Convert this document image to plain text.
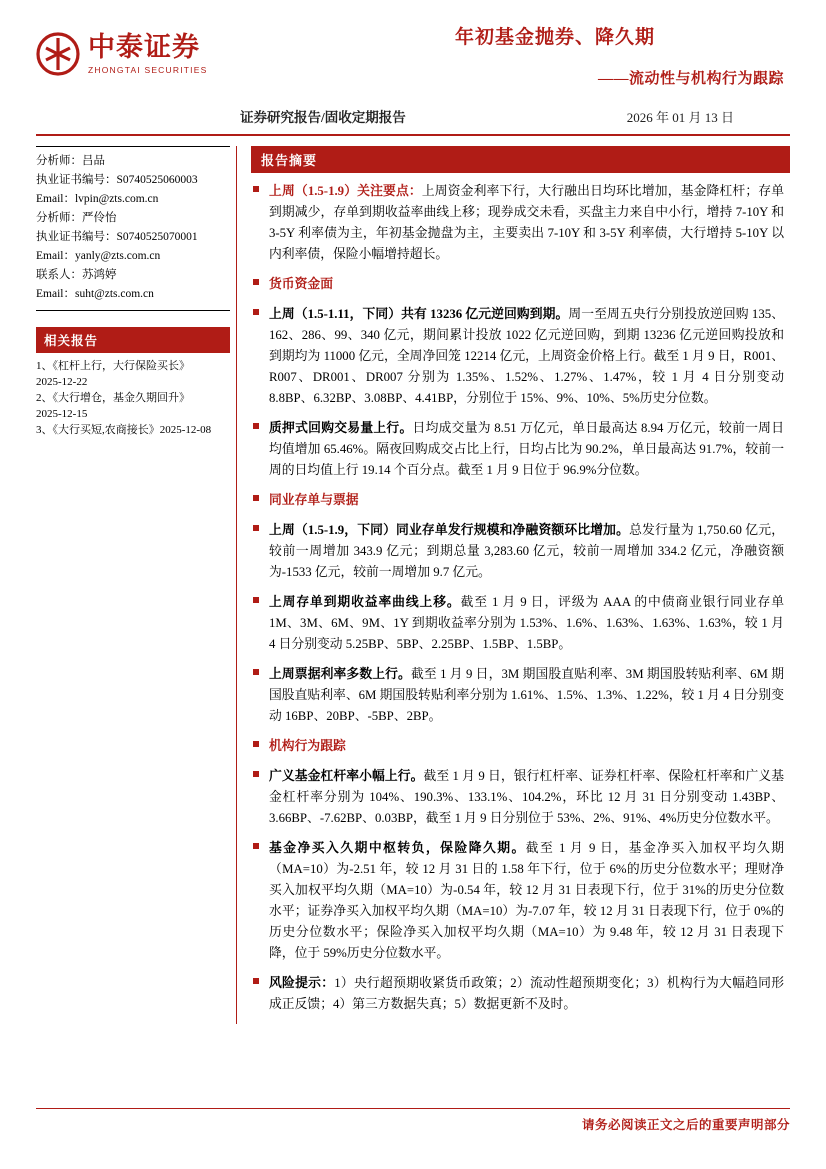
中泰证券
ZHONGTAI SECURITIES
年初基金抛券、降久期
——流动性与机构行为跟踪
证券研究报告/固收定期报告	2026 年 01 月 13 日
分析师：吕品
执业证书编号：S0740525060003
Email：lvpin@zts.com.cn
分析师：严伶怡
执业证书编号：S0740525070001
Email：yanly@zts.com.cn
联系人：苏鸿婷
Email：suht@zts.com.cn
相关报告
1、《杠杆上行，大行保险买长》
2025-12-22
2、《大行增仓，基金久期回升》
2025-12-15
3、《大行买短,农商接长》2025-12-08
报告摘要
上周（1.5-1.9）关注要点：上周资金利率下行，大行融出日均环比增加，基金降杠杆；存单到期减少，存单到期收益率曲线上移；现券成交未看，买盘主力来自中小行，增持 7-10Y 和 3-5Y 利率债为主，年初基金抛盘为主，主要卖出 7-10Y 和 3-5Y 利率债，大行增持 5-10Y 以内利率债，保险小幅增持超长。
货币资金面
上周（1.5-1.11，下同）共有 13236 亿元逆回购到期。周一至周五央行分别投放逆回购 135、162、286、99、340 亿元，期间累计投放 1022 亿元逆回购，到期 13236 亿元逆回购投放和到期均为 11000 亿元，全周净回笼 12214 亿元，上周资金价格上行。截至 1 月 9 日，R001、R007、DR001、DR007 分别为 1.35%、1.52%、1.27%、1.47%，较 1 月 4 日分别变动 8.8BP、6.32BP、3.08BP、4.41BP，分别位于 15%、9%、10%、5%历史分位数。
质押式回购交易量上行。日均成交量为 8.51 万亿元，单日最高达 8.94 万亿元，较前一周日均值增加 65.46%。隔夜回购成交占比上行，日均占比为 90.2%，单日最高达 91.7%，较前一周的日均值上行 19.14 个百分点。截至 1 月 9 日位于 96.9%分位数。
同业存单与票据
上周（1.5-1.9，下同）同业存单发行规模和净融资额环比增加。总发行量为 1,750.60 亿元，较前一周增加 343.9 亿元；到期总量 3,283.60 亿元，较前一周增加 334.2 亿元，净融资额为-1533 亿元，较前一周增加 9.7 亿元。
上周存单到期收益率曲线上移。截至 1 月 9 日，评级为 AAA 的中债商业银行同业存单 1M、3M、6M、9M、1Y 到期收益率分别为 1.53%、1.6%、1.63%、1.63%、1.63%，较 1 月 4 日分别变动 5.25BP、5BP、2.25BP、1.5BP、1.5BP。
上周票据利率多数上行。截至 1 月 9 日，3M 期国股直贴利率、3M 期国股转贴利率、6M 期国股直贴利率、6M 期国股转贴利率分别为 1.61%、1.5%、1.3%、1.22%，较 1 月 4 日分别变动 16BP、20BP、-5BP、2BP。
机构行为跟踪
广义基金杠杆率小幅上行。截至 1 月 9 日，银行杠杆率、证券杠杆率、保险杠杆率和广义基金杠杆率分别为 104%、190.3%、133.1%、104.2%，环比 12 月 31 日分别变动 1.43BP、3.66BP、-7.62BP、0.03BP，截至 1 月 9 日分别位于 53%、2%、91%、4%历史分位数水平。
基金净买入久期中枢转负，保险降久期。截至 1 月 9 日，基金净买入加权平均久期（MA=10）为-2.51 年，较 12 月 31 日的 1.58 年下行，位于 6%的历史分位数水平；理财净买入加权平均久期（MA=10）为-0.54 年，较 12 月 31 日表现下行，位于 31%的历史分位数水平；证券净买入加权平均久期（MA=10）为-7.07 年，较 12 月 31 日表现下行，位于 0%的历史分位数水平；保险净买入加权平均久期（MA=10）为 9.48 年，较 12 月 31 日表现下降，位于 59%历史分位数水平。
风险提示：1）央行超预期收紧货币政策；2）流动性超预期变化；3）机构行为大幅趋同形成正反馈；4）第三方数据失真；5）数据更新不及时。
请务必阅读正文之后的重要声明部分
